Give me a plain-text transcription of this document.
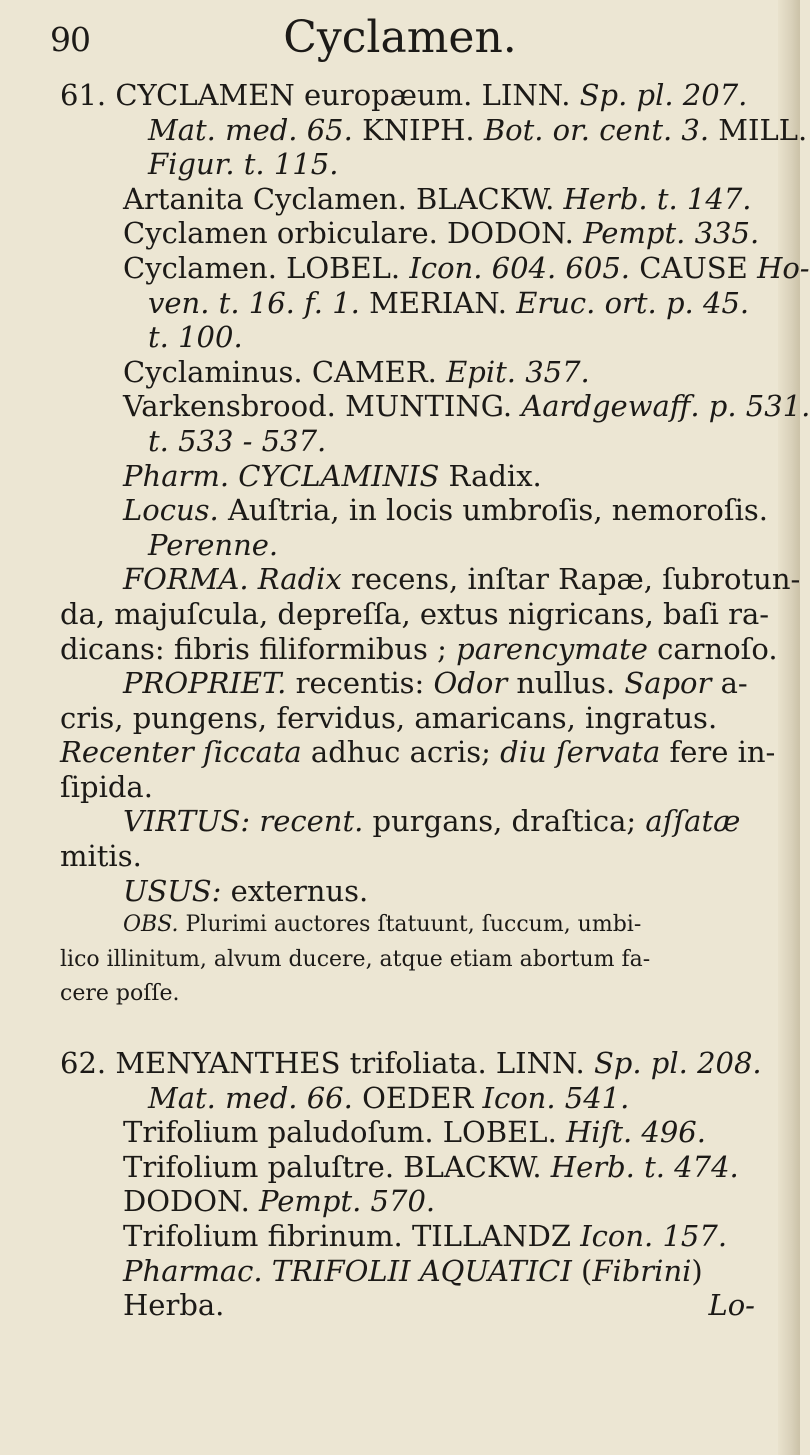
90	Cyclamen.
61. CYCLAMEN europæum. LINN. Sp. pl. 207.
Mat. med. 65. KNIPH. Bot. or. cent. 3. MILL.
Figur. t. 115.
Artanita Cyclamen. BLACKW. Herb. t. 147.
Cyclamen orbiculare. DODON. Pempt. 335.
Cyclamen. LOBEL. Icon. 604. 605. CAUSE Ho-
ven. t. 16. f. 1. MERIAN. Eruc. ort. p. 45.
t. 100.
Cyclaminus. CAMER. Epit. 357.
Varkensbrood. MUNTING. Aardgewaff. p. 531.
t. 533 - 537.
Pharm. CYCLAMINIS Radix.
Locus. Auſtria, in locis umbroſis, nemoroſis.
Perenne.
FORMA. Radix recens, inſtar Rapæ, ſubrotun-
da, majuſcula, depreſſa, extus nigricans, baſi ra-
dicans: fibris filiformibus ; parencymate carnoſo.
PROPRIET. recentis: Odor nullus. Sapor a-
cris, pungens, fervidus, amaricans, ingratus.
Recenter ſiccata adhuc acris; diu ſervata fere in-
ſipida.
VIRTUS: recent. purgans, draſtica; aſſatæ
mitis.
USUS: externus.
OBS. Plurimi auctores ſtatuunt, ſuccum, umbi-
lico illinitum, alvum ducere, atque etiam abortum fa-
cere poſſe.
62. MENYANTHES trifoliata. LINN. Sp. pl. 208.
Mat. med. 66. OEDER Icon. 541.
Trifolium paludoſum. LOBEL. Hiſt. 496.
Trifolium paluſtre. BLACKW. Herb. t. 474.
DODON. Pempt. 570.
Trifolium fibrinum. TILLANDZ Icon. 157.
Pharmac. TRIFOLII AQUATICI (Fibrini)
Herba.	Lo-
